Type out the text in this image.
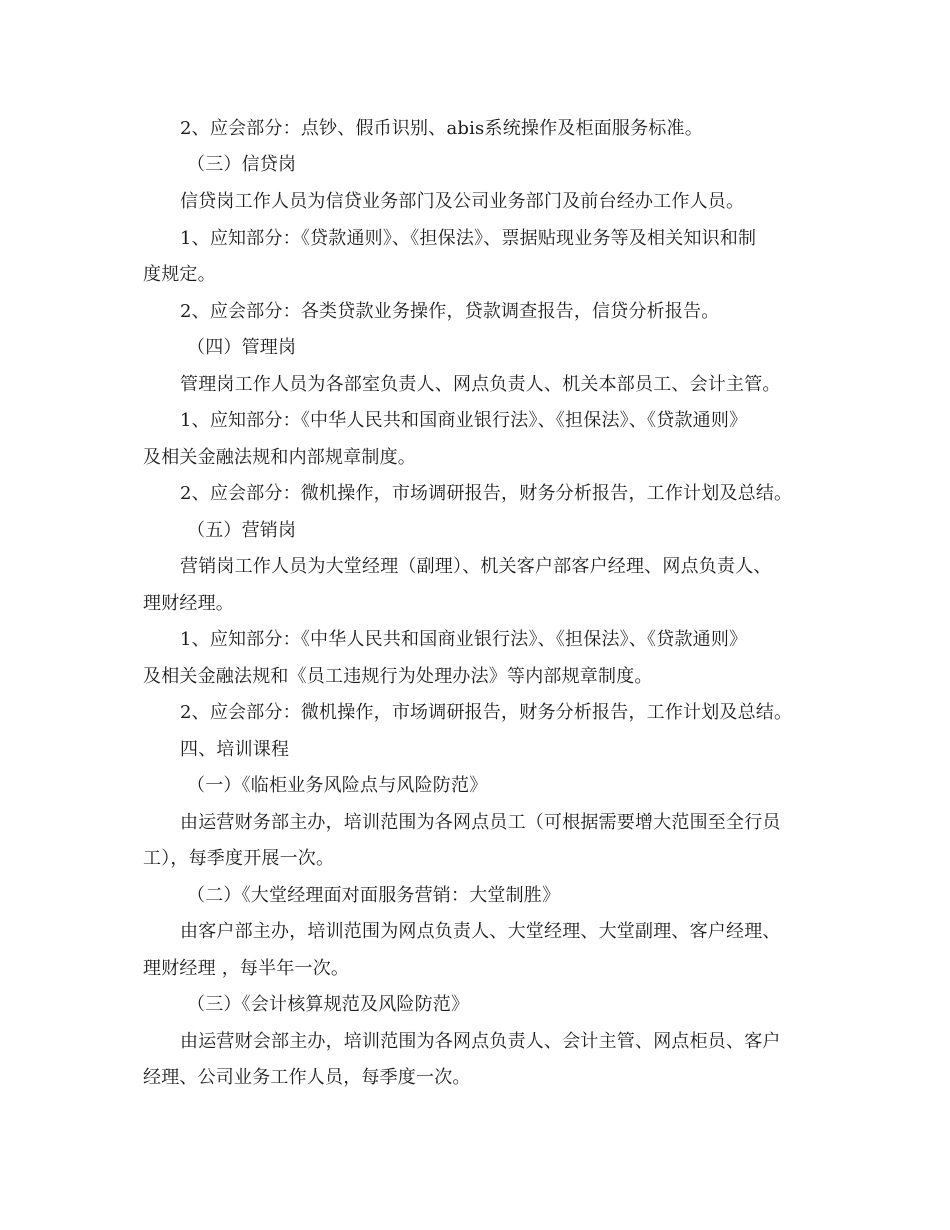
2、应会部分：点钞、假币识别、abis系统操作及柜面服务标准。
（三）信贷岗
信贷岗工作人员为信贷业务部门及公司业务部门及前台经办工作人员。
1、应知部分：《贷款通则》、《担保法》、票据贴现业务等及相关知识和制
度规定。
2、应会部分：各类贷款业务操作，贷款调查报告，信贷分析报告。
（四）管理岗
管理岗工作人员为各部室负责人、网点负责人、机关本部员工、会计主管。
1、应知部分：《中华人民共和国商业银行法》、《担保法》、《贷款通则》
及相关金融法规和内部规章制度。
2、应会部分：微机操作，市场调研报告，财务分析报告，工作计划及总结。
（五）营销岗
营销岗工作人员为大堂经理（副理）、机关客户部客户经理、网点负责人、
理财经理。
1、应知部分：《中华人民共和国商业银行法》、《担保法》、《贷款通则》
及相关金融法规和《员工违规行为处理办法》等内部规章制度。
2、应会部分：微机操作，市场调研报告，财务分析报告，工作计划及总结。
四、培训课程
（一）《临柜业务风险点与风险防范》
由运营财务部主办，培训范围为各网点员工（可根据需要增大范围至全行员
工），每季度开展一次。
（二）《大堂经理面对面服务营销：大堂制胜》
由客户部主办，培训范围为网点负责人、大堂经理、大堂副理、客户经理、
理财经理 ，每半年一次。
（三）《会计核算规范及风险防范》
由运营财会部主办，培训范围为各网点负责人、会计主管、网点柜员、客户
经理、公司业务工作人员，每季度一次。
